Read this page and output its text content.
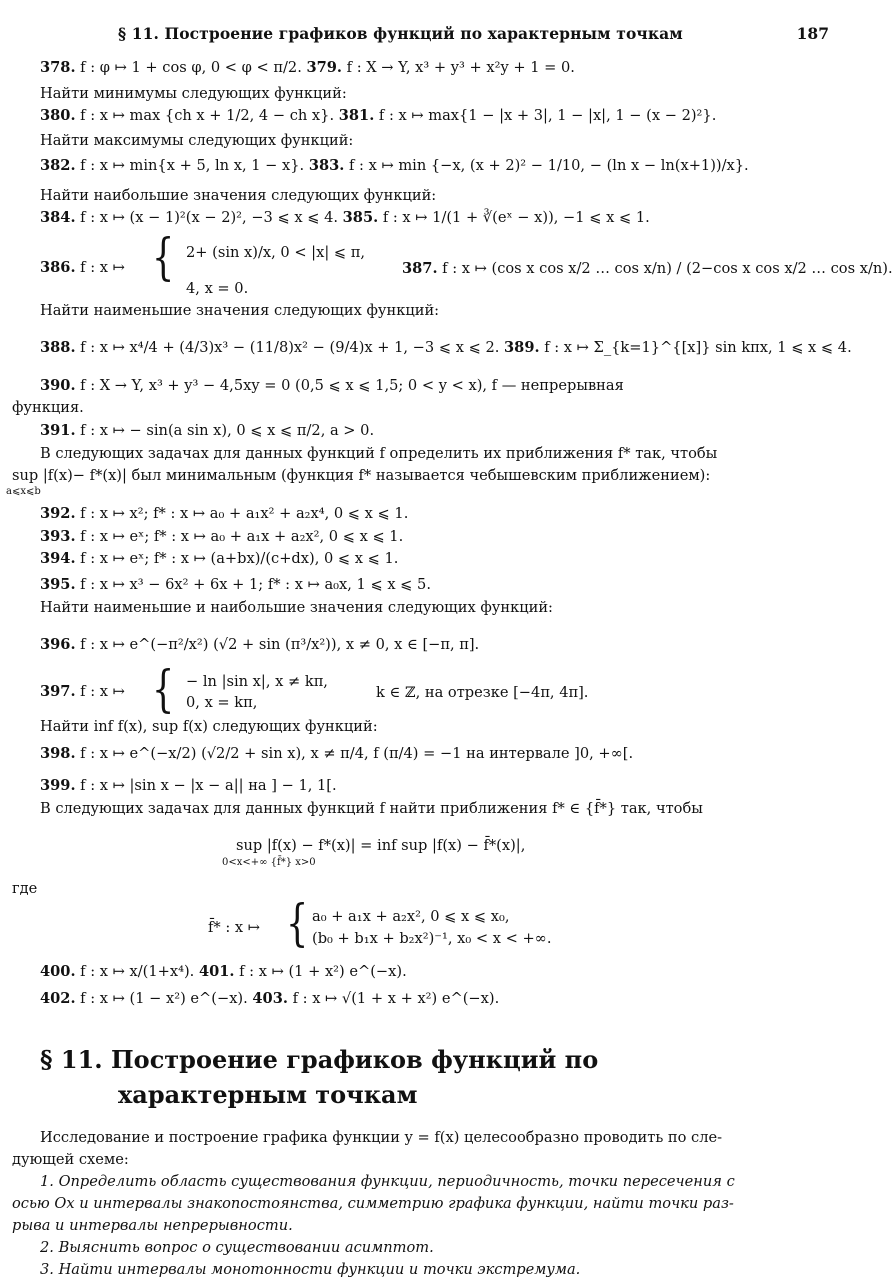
§ 11. Построение графиков функций по характерным точкам	187
378. f : φ ↦ 1 + cos φ, 0 < φ < π/2. 379. f : X → Y, x³ + y³ + x²y + 1 = 0.
Найти минимумы следующих функций:
380. f : x ↦ max {ch x + 1/2, 4 − ch x}. 381. f : x ↦ max{1 − |x + 3|, 1 − |x|, 1 − (x − 2)²}.
Найти максимумы следующих функций:
382. f : x ↦ min{x + 5, ln x, 1 − x}. 383. f : x ↦ min {−x, (x + 2)² − 1/10, − (ln x − ln(x+1))/x}.
Найти наибольшие значения следующих функций:
384. f : x ↦ (x − 1)²(x − 2)², −3 ⩽ x ⩽ 4. 385. f : x ↦ 1/(1 + ∛(eˣ − x)), −1 ⩽ x ⩽ 1.
386. f : x ↦ { 2+ (sin x)/x, 0 < |x| ⩽ π,
4, x = 0.
387. f : x ↦ (cos x cos x/2 … cos x/n) / (2−cos x cos x/2 … cos x/n).
Найти наименьшие значения следующих функций:
388. f : x ↦ x⁴/4 + (4/3)x³ − (11/8)x² − (9/4)x + 1, −3 ⩽ x ⩽ 2. 389. f : x ↦ Σ_{k=1}^{[x]} sin kπx, 1 ⩽ x ⩽ 4.
390. f : X → Y, x³ + y³ − 4,5xy = 0 (0,5 ⩽ x ⩽ 1,5; 0 < y < x), f — непрерывная
функция.
391. f : x ↦ − sin(a sin x), 0 ⩽ x ⩽ π/2, a > 0.
В следующих задачах для данных функций f определить их приближения f* так, чтобы
sup |f(x)− f*(x)| был минимальным (функция f* называется чебышевским приближением):
a⩽x⩽b
392. f : x ↦ x²; f* : x ↦ a₀ + a₁x² + a₂x⁴, 0 ⩽ x ⩽ 1.
393. f : x ↦ eˣ; f* : x ↦ a₀ + a₁x + a₂x², 0 ⩽ x ⩽ 1.
394. f : x ↦ eˣ; f* : x ↦ (a+bx)/(c+dx), 0 ⩽ x ⩽ 1.
395. f : x ↦ x³ − 6x² + 6x + 1; f* : x ↦ a₀x, 1 ⩽ x ⩽ 5.
Найти наименьшие и наибольшие значения следующих функций:
396. f : x ↦ e^(−π²/x²) (√2 + sin (π³/x²)), x ≠ 0, x ∈ [−π, π].
397. f : x ↦ { − ln |sin x|, x ≠ kπ,
0, x = kπ,
k ∈ ℤ, на отрезке [−4π, 4π].
Найти inf f(x), sup f(x) следующих функций:
398. f : x ↦ e^(−x/2) (√2/2 + sin x), x ≠ π/4, f (π/4) = −1 на интервале ]0, +∞[.
399. f : x ↦ |sin x − |x − a|| на ] − 1, 1[.
В следующих задачах для данных функций f найти приближения f* ∈ {f̄*} так, чтобы
sup |f(x) − f*(x)| = inf sup |f(x) − f̄*(x)|,
0<x<+∞ {f̄*} x>0
где
f̄* : x ↦ { a₀ + a₁x + a₂x², 0 ⩽ x ⩽ x₀,
(b₀ + b₁x + b₂x²)⁻¹, x₀ < x < +∞.
400. f : x ↦ x/(1+x⁴). 401. f : x ↦ (1 + x²) e^(−x).
402. f : x ↦ (1 − x²) e^(−x). 403. f : x ↦ √(1 + x + x²) e^(−x).
§ 11. Построение графиков функций по
характерным точкам
Исследование и построение графика функции y = f(x) целесообразно проводить по сле-
дующей схеме:
1. Определить область существования функции, периодичность, точки пересечения с
осью Ox и интервалы знакопостоянства, симметрию графика функции, найти точки раз-
рыва и интервалы непрерывности.
2. Выяснить вопрос о существовании асимптот.
3. Найти интервалы монотонности функции и точки экстремума.
